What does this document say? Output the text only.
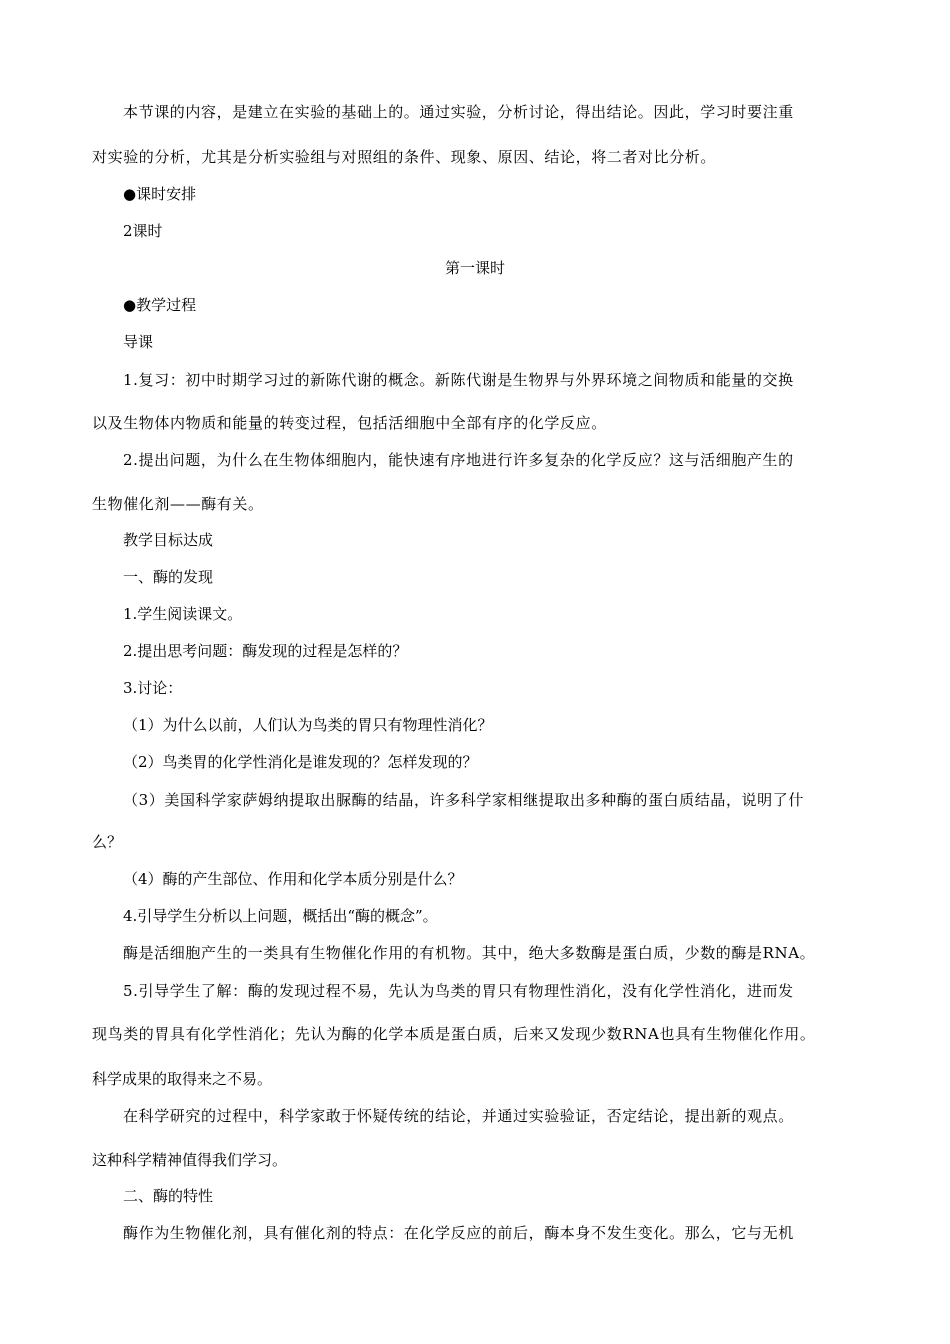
本节课的内容，是建立在实验的基础上的。通过实验，分析讨论，得出结论。因此，学习时要注重
对实验的分析，尤其是分析实验组与对照组的条件、现象、原因、结论，将二者对比分析。
●课时安排
2课时
第一课时
●教学过程
导课
1.复习：初中时期学习过的新陈代谢的概念。新陈代谢是生物界与外界环境之间物质和能量的交换
以及生物体内物质和能量的转变过程，包括活细胞中全部有序的化学反应。
2.提出问题，为什么在生物体细胞内，能快速有序地进行许多复杂的化学反应？这与活细胞产生的
生物催化剂——酶有关。
教学目标达成
一、酶的发现
1.学生阅读课文。
2.提出思考问题：酶发现的过程是怎样的？
3.讨论：
（1）为什么以前，人们认为鸟类的胃只有物理性消化？
（2）鸟类胃的化学性消化是谁发现的？怎样发现的？
（3）美国科学家萨姆纳提取出脲酶的结晶，许多科学家相继提取出多种酶的蛋白质结晶，说明了什
么？
（4）酶的产生部位、作用和化学本质分别是什么？
4.引导学生分析以上问题，概括出“酶的概念”。
酶是活细胞产生的一类具有生物催化作用的有机物。其中，绝大多数酶是蛋白质，少数的酶是RNA。
5.引导学生了解：酶的发现过程不易，先认为鸟类的胃只有物理性消化，没有化学性消化，进而发
现鸟类的胃具有化学性消化；先认为酶的化学本质是蛋白质，后来又发现少数RNA也具有生物催化作用。
科学成果的取得来之不易。
在科学研究的过程中，科学家敢于怀疑传统的结论，并通过实验验证，否定结论，提出新的观点。
这种科学精神值得我们学习。
二、酶的特性
酶作为生物催化剂，具有催化剂的特点：在化学反应的前后，酶本身不发生变化。那么，它与无机
